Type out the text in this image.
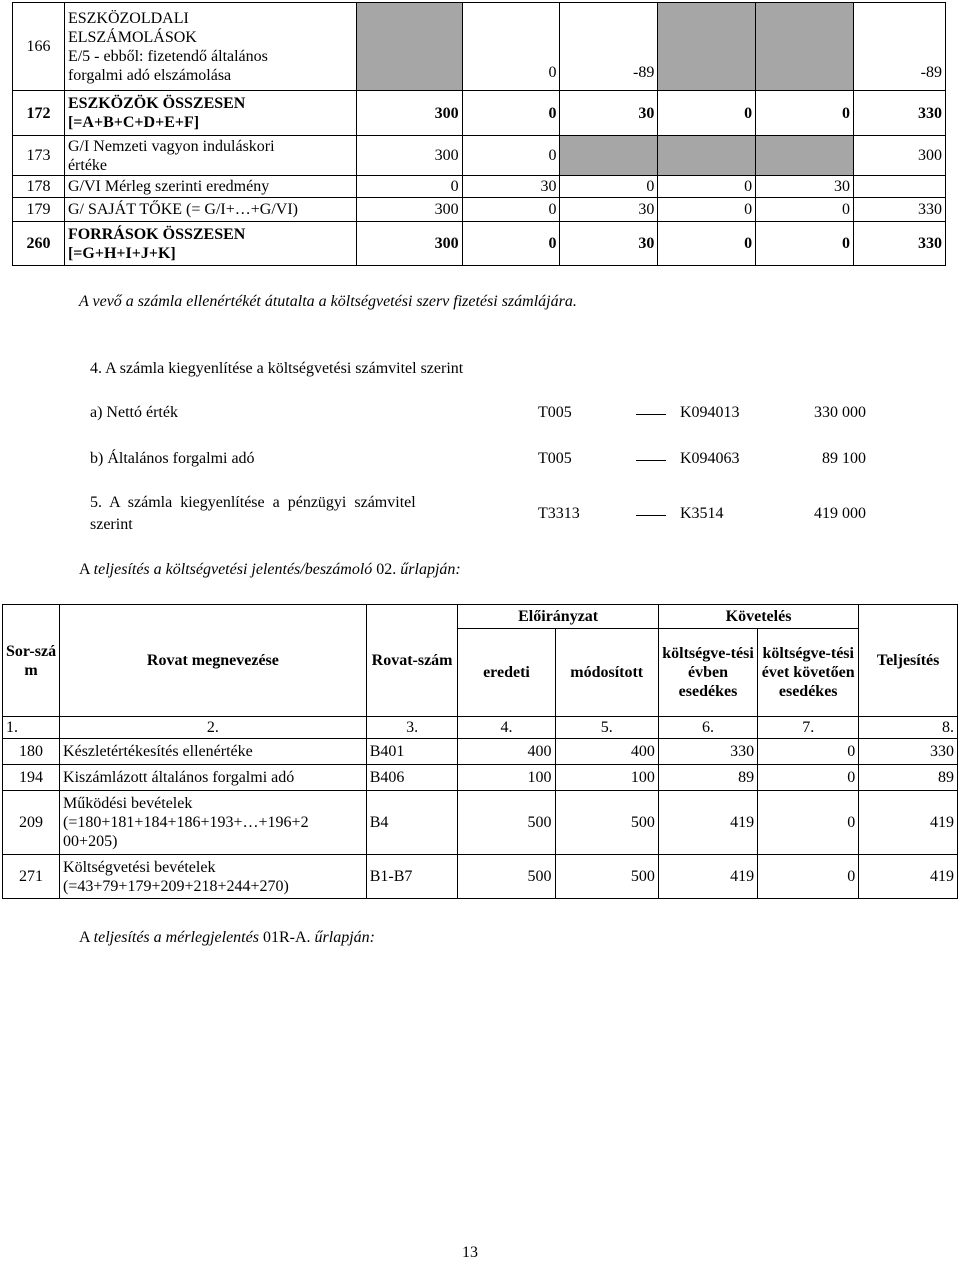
166	ESZKÖZOLDALI
ELSZÁMOLÁSOK
E/5 - ebből: fizetendő általános
forgalmi adó elszámolása		0	-89			-89
172	ESZKÖZÖK ÖSSZESEN
[=A+B+C+D+E+F]	300	0	30	0	0	330
173	G/I Nemzeti vagyon induláskori
értéke	300	0				300
178	G/VI Mérleg szerinti eredmény	0	30	0	0	30	
179	G/ SAJÁT TŐKE (= G/I+…+G/VI)	300	0	30	0	0	330
260	FORRÁSOK ÖSSZESEN
[=G+H+I+J+K]	300	0	30	0	0	330
A vevő a számla ellenértékét átutalta a költségvetési szerv fizetési számlájára.
4. A számla kiegyenlítése a költségvetési számvitel szerint
a) Nettó érték	T005	K094013	330 000
b) Általános forgalmi adó	T005	K094063	89 100
5.  A  számla  kiegyenlítése  a  pénzügyi  számvitel
szerint
T3313	K3514	419 000
A teljesítés a költségvetési jelentés/beszámoló 02. űrlapján:
Sor-szám	Rovat megnevezése	Rovat-szám	Előirányzat		Követelés		Teljesítés
			eredeti	módosított	költségve-tési évben esedékes	költségve-tési évet követően esedékes	
1.	2.	3.	4.	5.	6.	7.	8.
180	Készletértékesítés ellenértéke	B401	400	400	330	0	330
194	Kiszámlázott általános forgalmi adó	B406	100	100	89	0	89
209	Működési bevételek (=180+181+184+186+193+…+196+2 00+205)	B4	500	500	419	0	419
271	Költségvetési bevételek (=43+79+179+209+218+244+270)	B1-B7	500	500	419	0	419
A teljesítés a mérlegjelentés 01R-A. űrlapján:
13
